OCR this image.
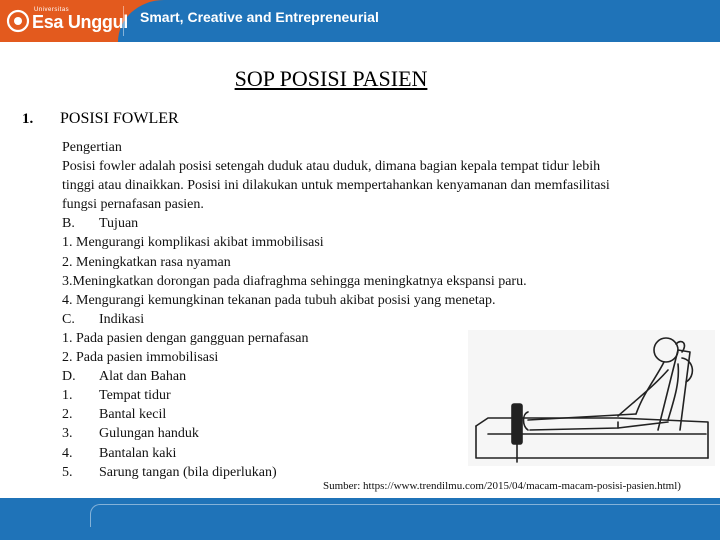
Universitas
Esa Unggul Smart, Creative and Entrepreneurial
SOP POSISI PASIEN
1. POSISI FOWLER
Pengertian
Posisi fowler adalah posisi setengah duduk atau duduk, dimana bagian kepala tempat tidur lebih
tinggi atau dinaikkan. Posisi ini dilakukan untuk mempertahankan kenyamanan dan memfasilitasi
fungsi pernafasan pasien.
B. Tujuan
1. Mengurangi komplikasi akibat immobilisasi
2. Meningkatkan rasa nyaman
3.Meningkatkan dorongan pada diafraghma sehingga meningkatnya ekspansi paru.
4. Mengurangi kemungkinan tekanan pada tubuh akibat posisi yang menetap.
C. Indikasi
1. Pada pasien dengan gangguan pernafasan
2. Pada pasien immobilisasi
D. Alat dan Bahan
1. Tempat tidur
2. Bantal kecil
3. Gulungan handuk
4. Bantalan kaki
5. Sarung tangan (bila diperlukan)
Sumber: https://www.trendilmu.com/2015/04/macam-macam-posisi-pasien.html)
